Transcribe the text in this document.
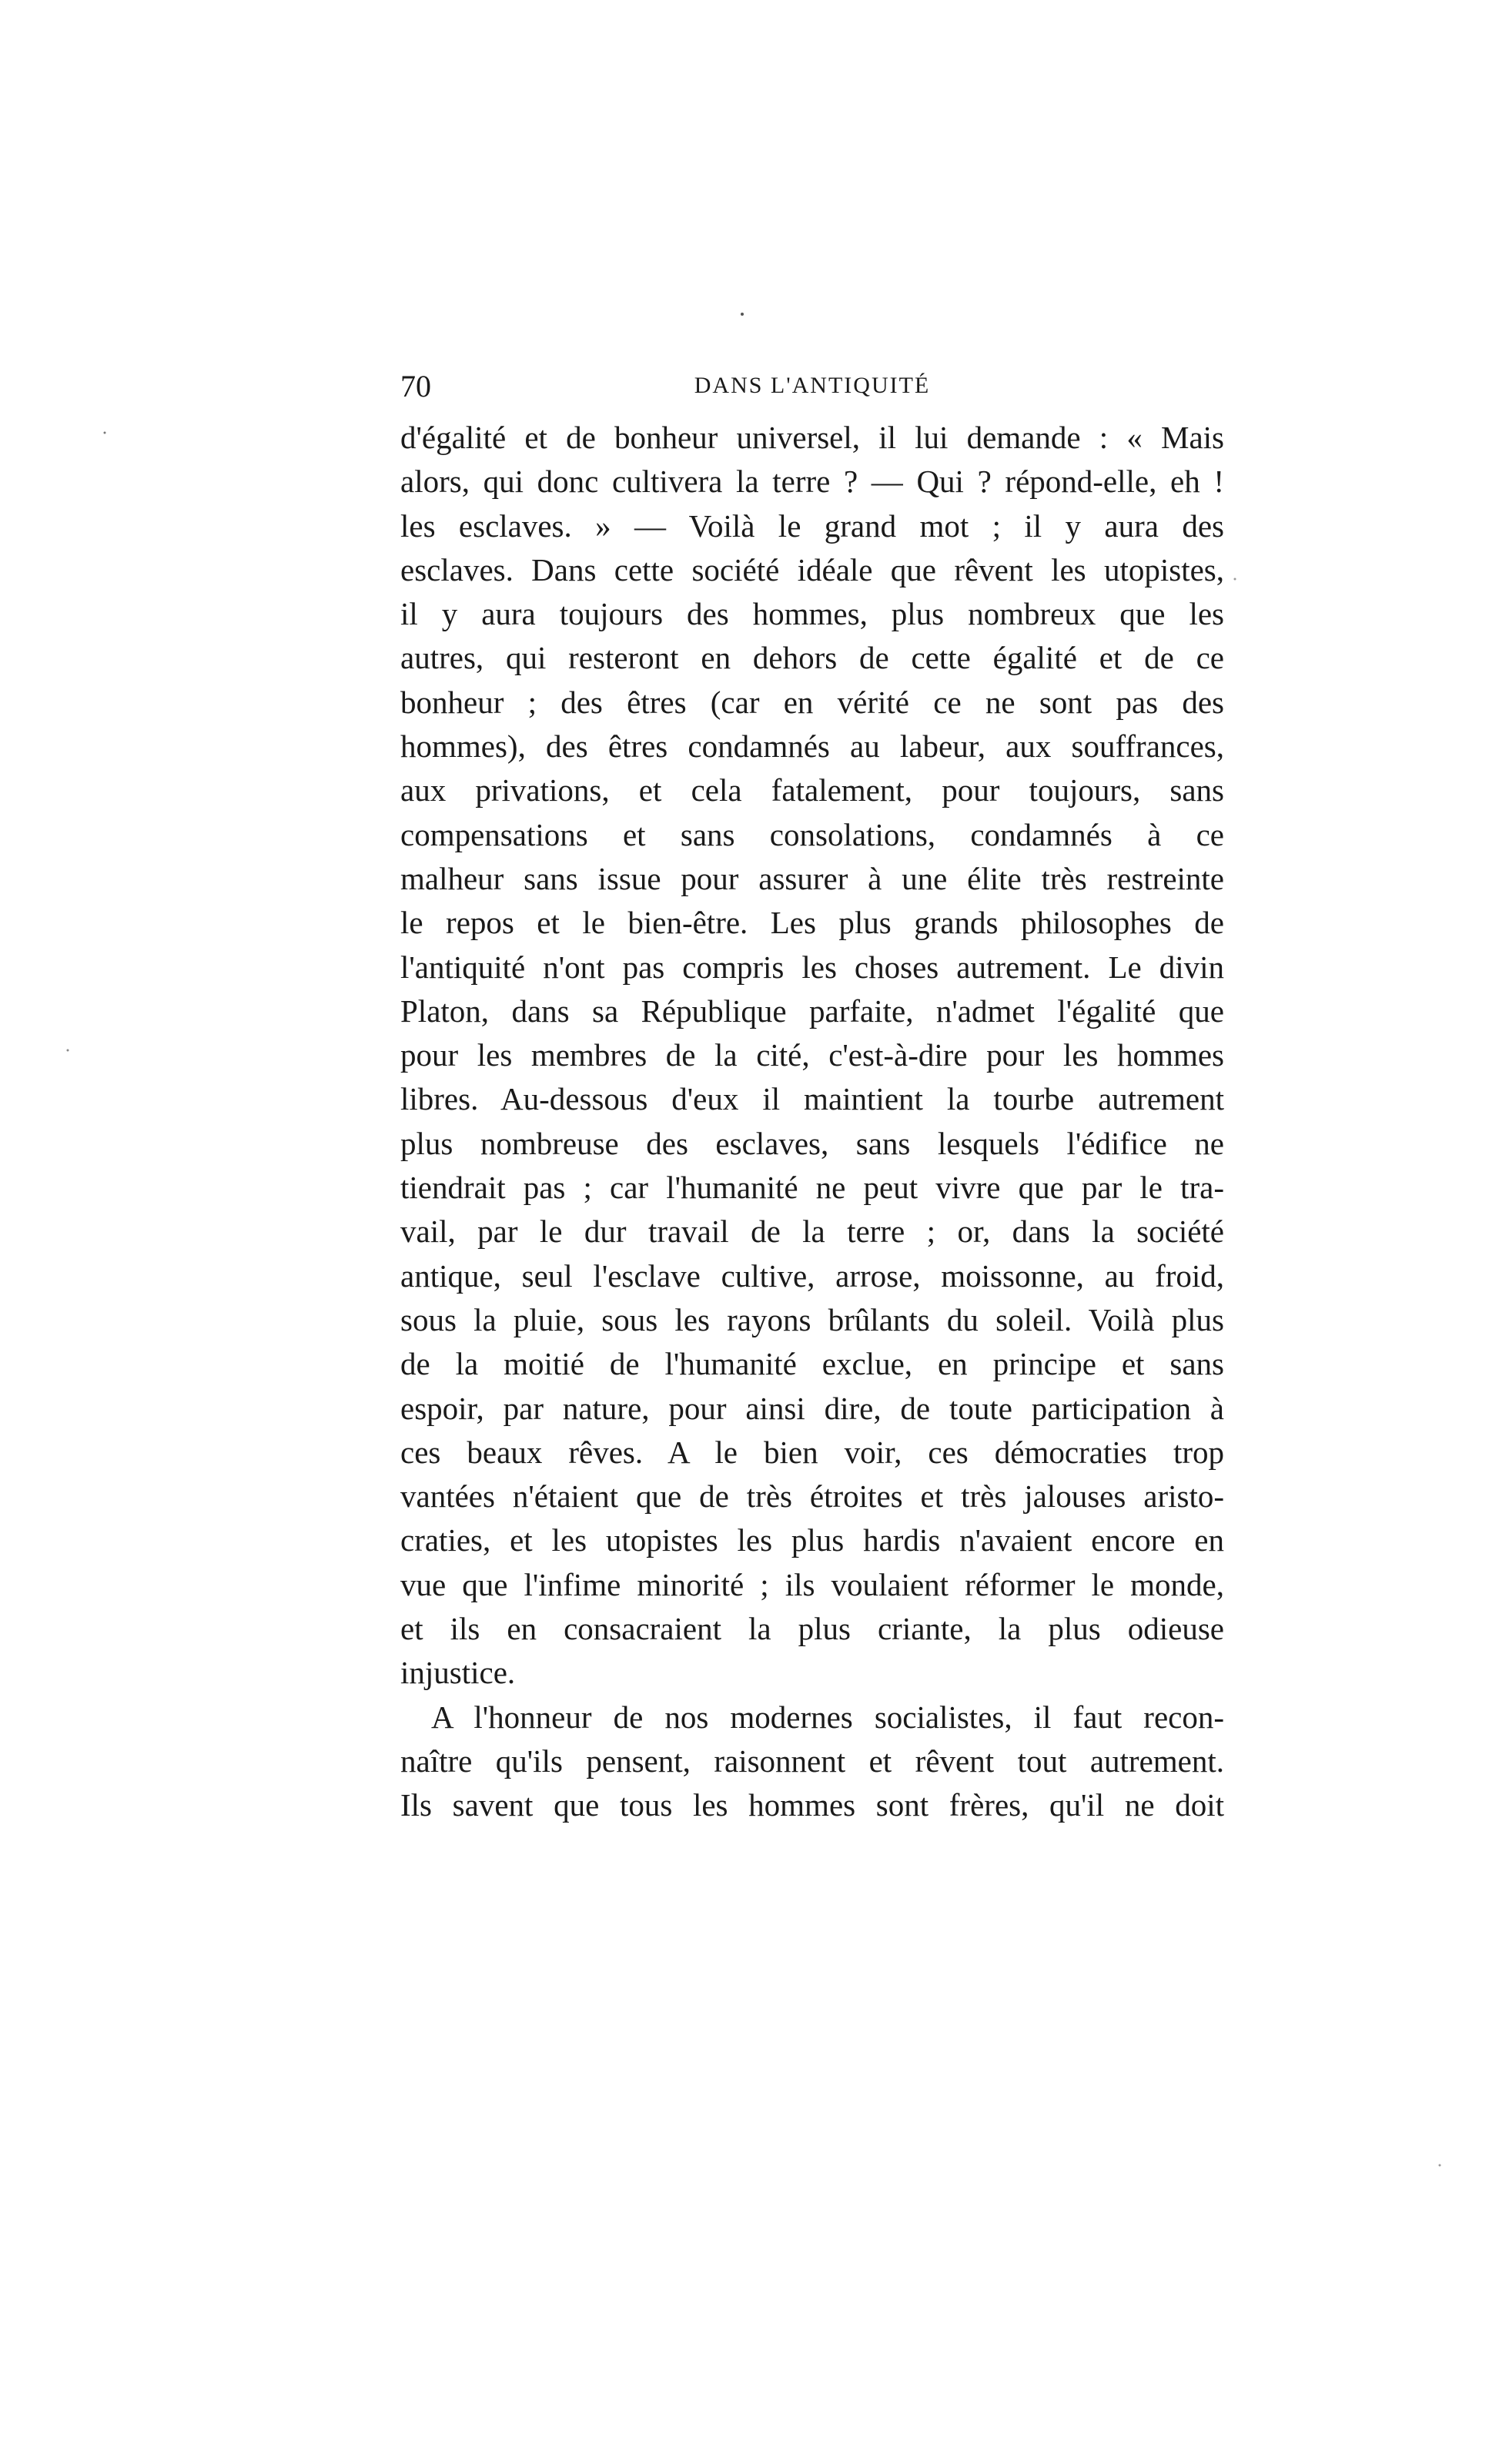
70	DANS L'ANTIQUITÉ
d'égalité et de bonheur universel, il lui demande : « Mais
alors, qui donc cultivera la terre ? — Qui ? répond-elle, eh !
les esclaves. » — Voilà le grand mot ; il y aura des
esclaves. Dans cette société idéale que rêvent les utopistes,
il y aura toujours des hommes, plus nombreux que les
autres, qui resteront en dehors de cette égalité et de ce
bonheur ; des êtres (car en vérité ce ne sont pas des
hommes), des êtres condamnés au labeur, aux souffrances,
aux privations, et cela fatalement, pour toujours, sans
compensations et sans consolations, condamnés à ce
malheur sans issue pour assurer à une élite très restreinte
le repos et le bien-être. Les plus grands philosophes de
l'antiquité n'ont pas compris les choses autrement. Le divin
Platon, dans sa République parfaite, n'admet l'égalité que
pour les membres de la cité, c'est-à-dire pour les hommes
libres. Au-dessous d'eux il maintient la tourbe autrement
plus nombreuse des esclaves, sans lesquels l'édifice ne
tiendrait pas ; car l'humanité ne peut vivre que par le tra-
vail, par le dur travail de la terre ; or, dans la société
antique, seul l'esclave cultive, arrose, moissonne, au froid,
sous la pluie, sous les rayons brûlants du soleil. Voilà plus
de la moitié de l'humanité exclue, en principe et sans
espoir, par nature, pour ainsi dire, de toute participation à
ces beaux rêves. A le bien voir, ces démocraties trop
vantées n'étaient que de très étroites et très jalouses aristo-
craties, et les utopistes les plus hardis n'avaient encore en
vue que l'infime minorité ; ils voulaient réformer le monde,
et ils en consacraient la plus criante, la plus odieuse
injustice.
A l'honneur de nos modernes socialistes, il faut recon-
naître qu'ils pensent, raisonnent et rêvent tout autrement.
Ils savent que tous les hommes sont frères, qu'il ne doit
